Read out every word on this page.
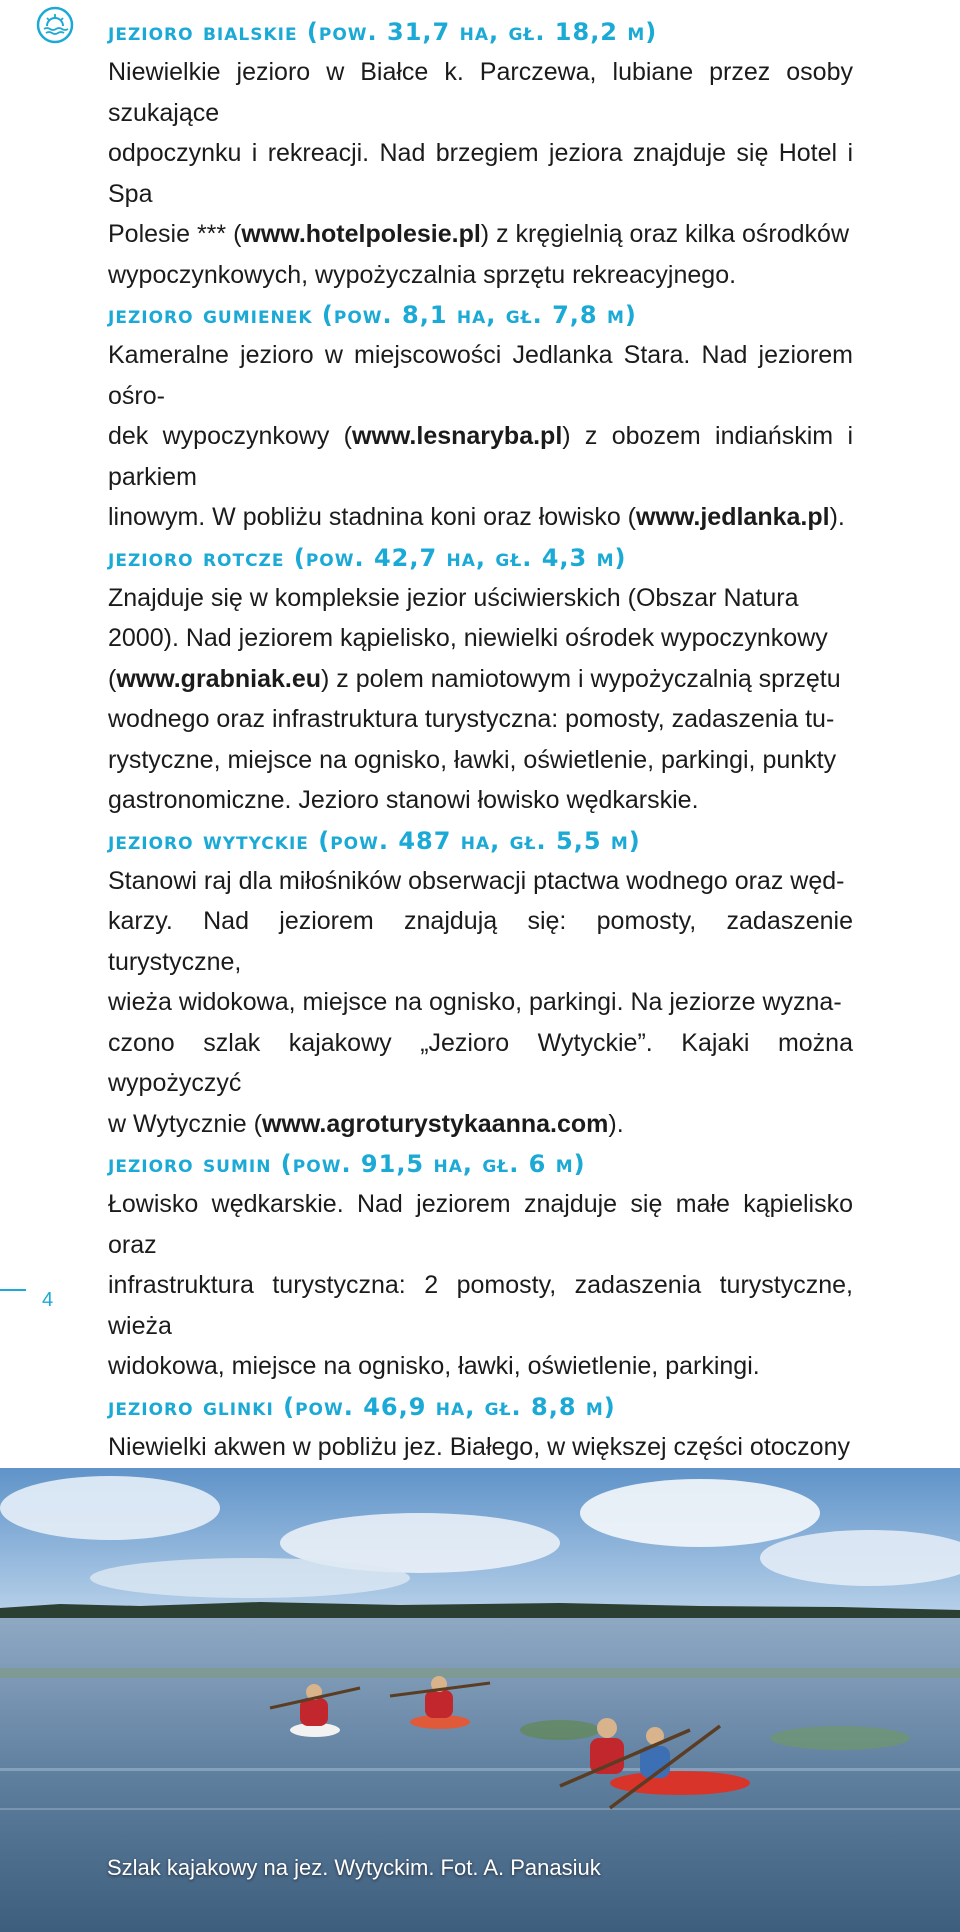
jezioro bialskie (pow. 31,7 ha, gł. 18,2 m)

Niewielkie jezioro w Białce k. Parczewa, lubiane przez osoby szukające
odpoczynku i rekreacji. Nad brzegiem jeziora znajduje się Hotel i Spa
Polesie *** (www.hotelpolesie.pl) z kręgielnią oraz kilka ośrodków
wypoczynkowych, wypożyczalnia sprzętu rekreacyjnego.

jezioro gumienek (pow. 8,1 ha, gł. 7,8 m)

Kameralne jezioro w miejscowości Jedlanka Stara. Nad jeziorem ośro-
dek wypoczynkowy (www.lesnaryba.pl) z obozem indiańskim i parkiem
linowym. W pobliżu stadnina koni oraz łowisko (www.jedlanka.pl).

jezioro rotcze (pow. 42,7 ha, gł. 4,3 m)

Znajduje się w kompleksie jezior uściwierskich (Obszar Natura
2000). Nad jeziorem kąpielisko, niewielki ośrodek wypoczynkowy
(www.grabniak.eu) z polem namiotowym i wypożyczalnią sprzętu
wodnego oraz infrastruktura turystyczna: pomosty, zadaszenia tu-
rystyczne, miejsce na ognisko, ławki, oświetlenie, parkingi, punkty
gastronomiczne. Jezioro stanowi łowisko wędkarskie.

jezioro wytyckie (pow. 487 ha, gł. 5,5 m)

Stanowi raj dla miłośników obserwacji ptactwa wodnego oraz węd-
karzy. Nad jeziorem znajdują się: pomosty, zadaszenie turystyczne,
wieża widokowa, miejsce na ognisko, parkingi. Na jeziorze wyzna-
czono szlak kajakowy „Jezioro Wytyckie”. Kajaki można wypożyczyć
w Wytycznie (www.agroturystykaanna.com).

jezioro sumin (pow. 91,5 ha, gł. 6 m)

Łowisko wędkarskie. Nad jeziorem znajduje się małe kąpielisko oraz
infrastruktura turystyczna: 2 pomosty, zadaszenia turystyczne, wieża
widokowa, miejsce na ognisko, ławki, oświetlenie, parkingi.

jezioro glinki (pow. 46,9 ha, gł. 8,8 m)

Niewielki akwen w pobliżu jez. Białego, w większej części otoczony

4
Szlak kajakowy na jez. Wytyckim. Fot. A. Panasiuk
